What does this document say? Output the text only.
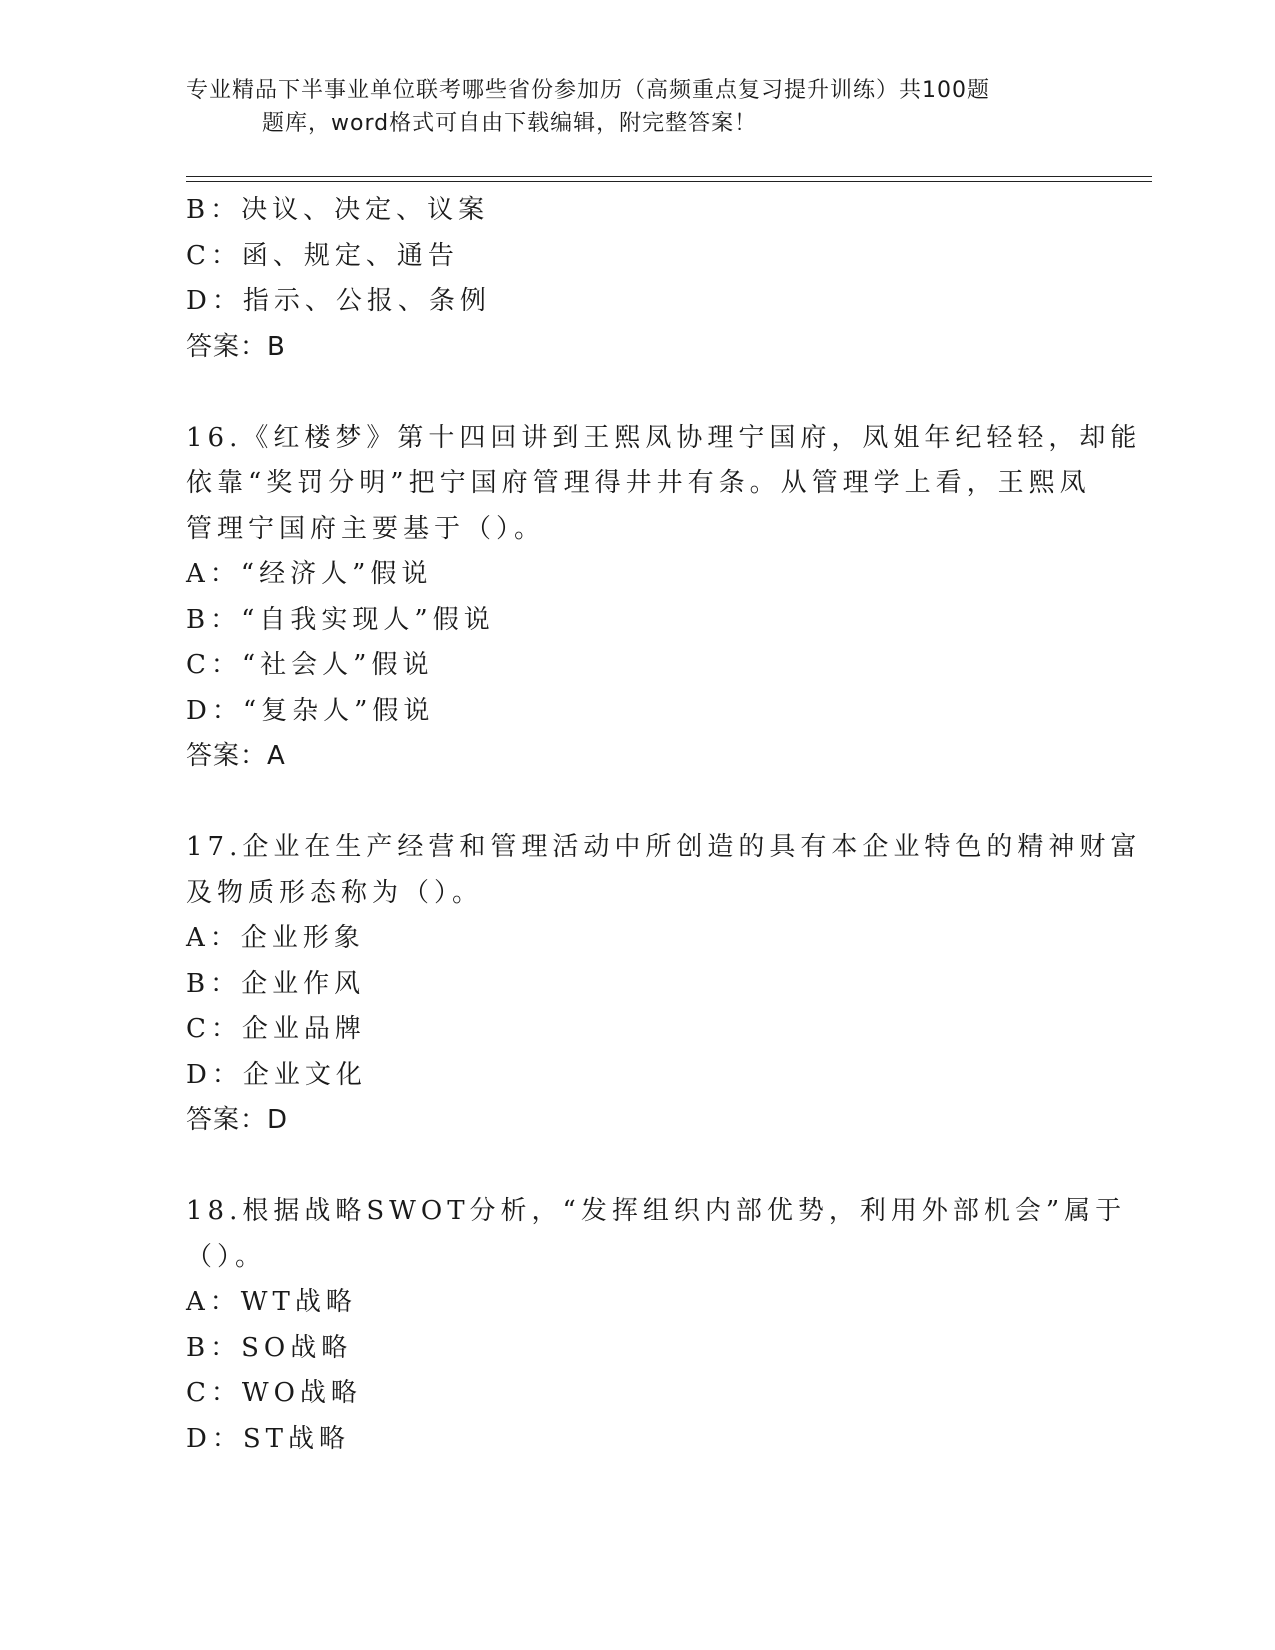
专业精品下半事业单位联考哪些省份参加历（高频重点复习提升训练）共100题
题库，word格式可自由下载编辑，附完整答案！
B：决议、决定、议案
C：函、规定、通告
D：指示、公报、条例
答案：B
16.《红楼梦》第十四回讲到王熙凤协理宁国府，凤姐年纪轻轻，却能
依靠“奖罚分明”把宁国府管理得井井有条。从管理学上看，王熙凤
管理宁国府主要基于（）。
A：“经济人”假说
B：“自我实现人”假说
C：“社会人”假说
D：“复杂人”假说
答案：A
17.企业在生产经营和管理活动中所创造的具有本企业特色的精神财富
及物质形态称为（）。
A：企业形象
B：企业作风
C：企业品牌
D：企业文化
答案：D
18.根据战略SWOT分析，“发挥组织内部优势，利用外部机会”属于
（）。
A：WT战略
B：SO战略
C：WO战略
D：ST战略
